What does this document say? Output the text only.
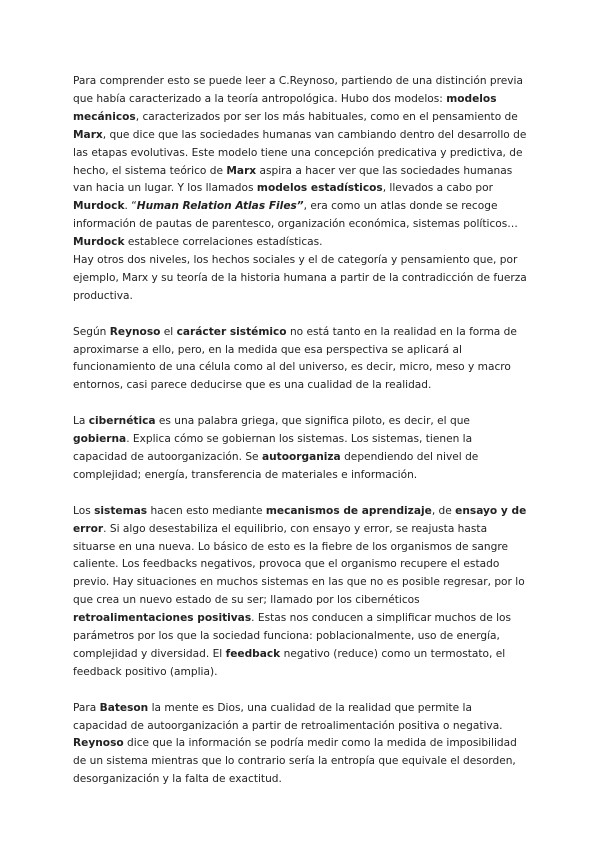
Para comprender esto se puede leer a C.Reynoso, partiendo de una distinción previa que había caracterizado a la teoría antropológica. Hubo dos modelos: modelos mecánicos, caracterizados por ser los más habituales, como en el pensamiento de Marx, que dice que las sociedades humanas van cambiando dentro del desarrollo de las etapas evolutivas. Este modelo tiene una concepción predicativa y predictiva, de hecho, el sistema teórico de Marx aspira a hacer ver que las sociedades humanas van hacia un lugar. Y los llamados modelos estadísticos, llevados a cabo por Murdock. “Human Relation Atlas Files”, era como un atlas donde se recoge información de pautas de parentesco, organización económica, sistemas políticos… Murdock establece correlaciones estadísticas.

Hay otros dos niveles, los hechos sociales y el de categoría y pensamiento que, por ejemplo, Marx y su teoría de la historia humana a partir de la contradicción de fuerza productiva.

Según Reynoso el carácter sistémico no está tanto en la realidad en la forma de aproximarse a ello, pero, en la medida que esa perspectiva se aplicará al funcionamiento de una célula como al del universo, es decir, micro, meso y macro entornos, casi parece deducirse que es una cualidad de la realidad.

La cibernética es una palabra griega, que significa piloto, es decir, el que gobierna. Explica cómo se gobiernan los sistemas. Los sistemas, tienen la capacidad de autoorganización. Se autoorganiza dependiendo del nivel de complejidad; energía, transferencia de materiales e información.

Los sistemas hacen esto mediante mecanismos de aprendizaje, de ensayo y de error. Si algo desestabiliza el equilibrio, con ensayo y error, se reajusta hasta situarse en una nueva. Lo básico de esto es la fiebre de los organismos de sangre caliente. Los feedbacks negativos, provoca que el organismo recupere el estado previo. Hay situaciones en muchos sistemas en las que no es posible regresar, por lo que crea un nuevo estado de su ser; llamado por los cibernéticos retroalimentaciones positivas. Estas nos conducen a simplificar muchos de los parámetros por los que la sociedad funciona: poblacionalmente, uso de energía, complejidad y diversidad. El feedback negativo (reduce) como un termostato, el feedback positivo (amplia).

Para Bateson la mente es Dios, una cualidad de la realidad que permite la capacidad de autoorganización a partir de retroalimentación positiva o negativa. Reynoso dice que la información se podría medir como la medida de imposibilidad de un sistema mientras que lo contrario sería la entropía que equivale el desorden, desorganización y la falta de exactitud.
